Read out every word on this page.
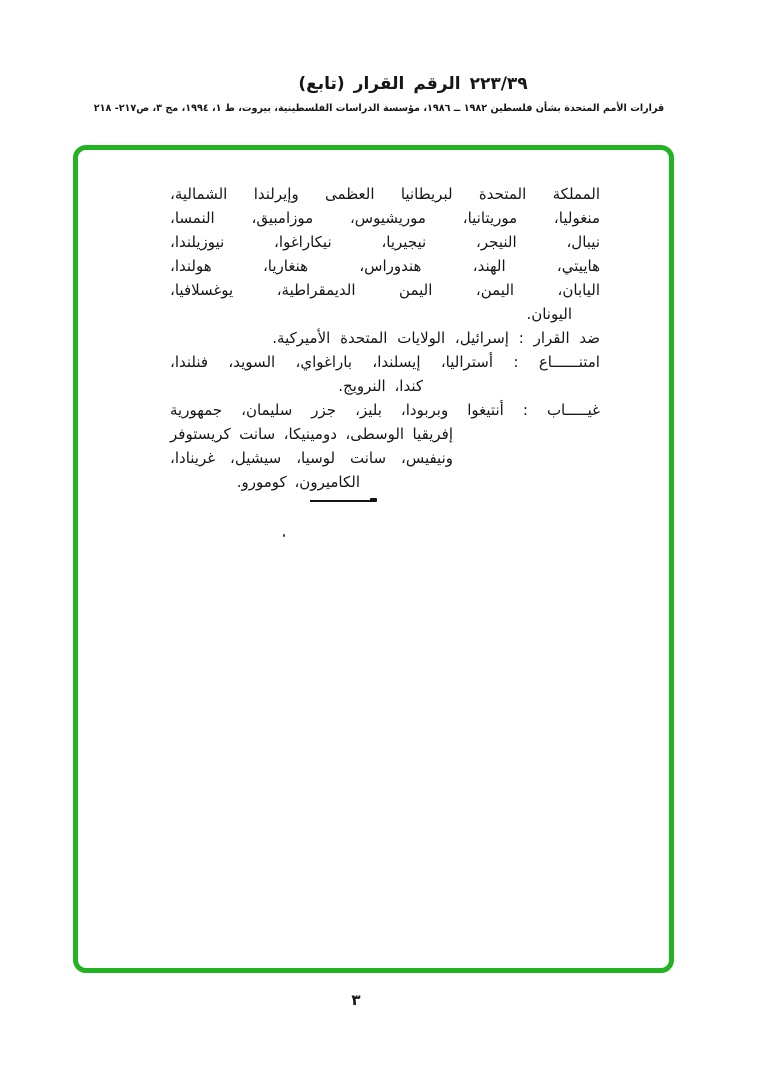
(تابع) القرار الرقم ٢٢٣/٣٩
قرارات الأمم المتحدة بشأن فلسطين ١٩٨٢ ــ ١٩٨٦، مؤسسة الدراسات الفلسطينية، بيروت، ط ١، ١٩٩٤، مج ٣، ص٢١٧- ٢١٨
المملكة المتحدة لبريطانيا العظمى وإيرلندا الشمالية،
منغوليا، موريتانيا، موريشيوس، موزامبيق، النمسا،
نيبال، النيجر، نيجيريا، نيكاراغوا، نيوزيلندا،
هاييتي، الهند، هندوراس، هنغاريا، هولندا،
اليابان، اليمن، اليمن الديمقراطية، يوغسلافيا،
اليونان.
ضد القرار : إسرائيل، الولايات المتحدة الأميركية.
امتنــــــاع : أستراليا، إيسلندا، باراغواي، السويد، فنلندا،
كندا، النرويج.
غيـــــاب : أنتيغوا وبربودا، بليز، جزر سليمان، جمهورية
إفريقيا الوسطى، دومينيكا، سانت كريستوفر
ونيفيس، سانت لوسيا، سيشيل، غرينادا،
الكاميرون، كومورو.
٣
